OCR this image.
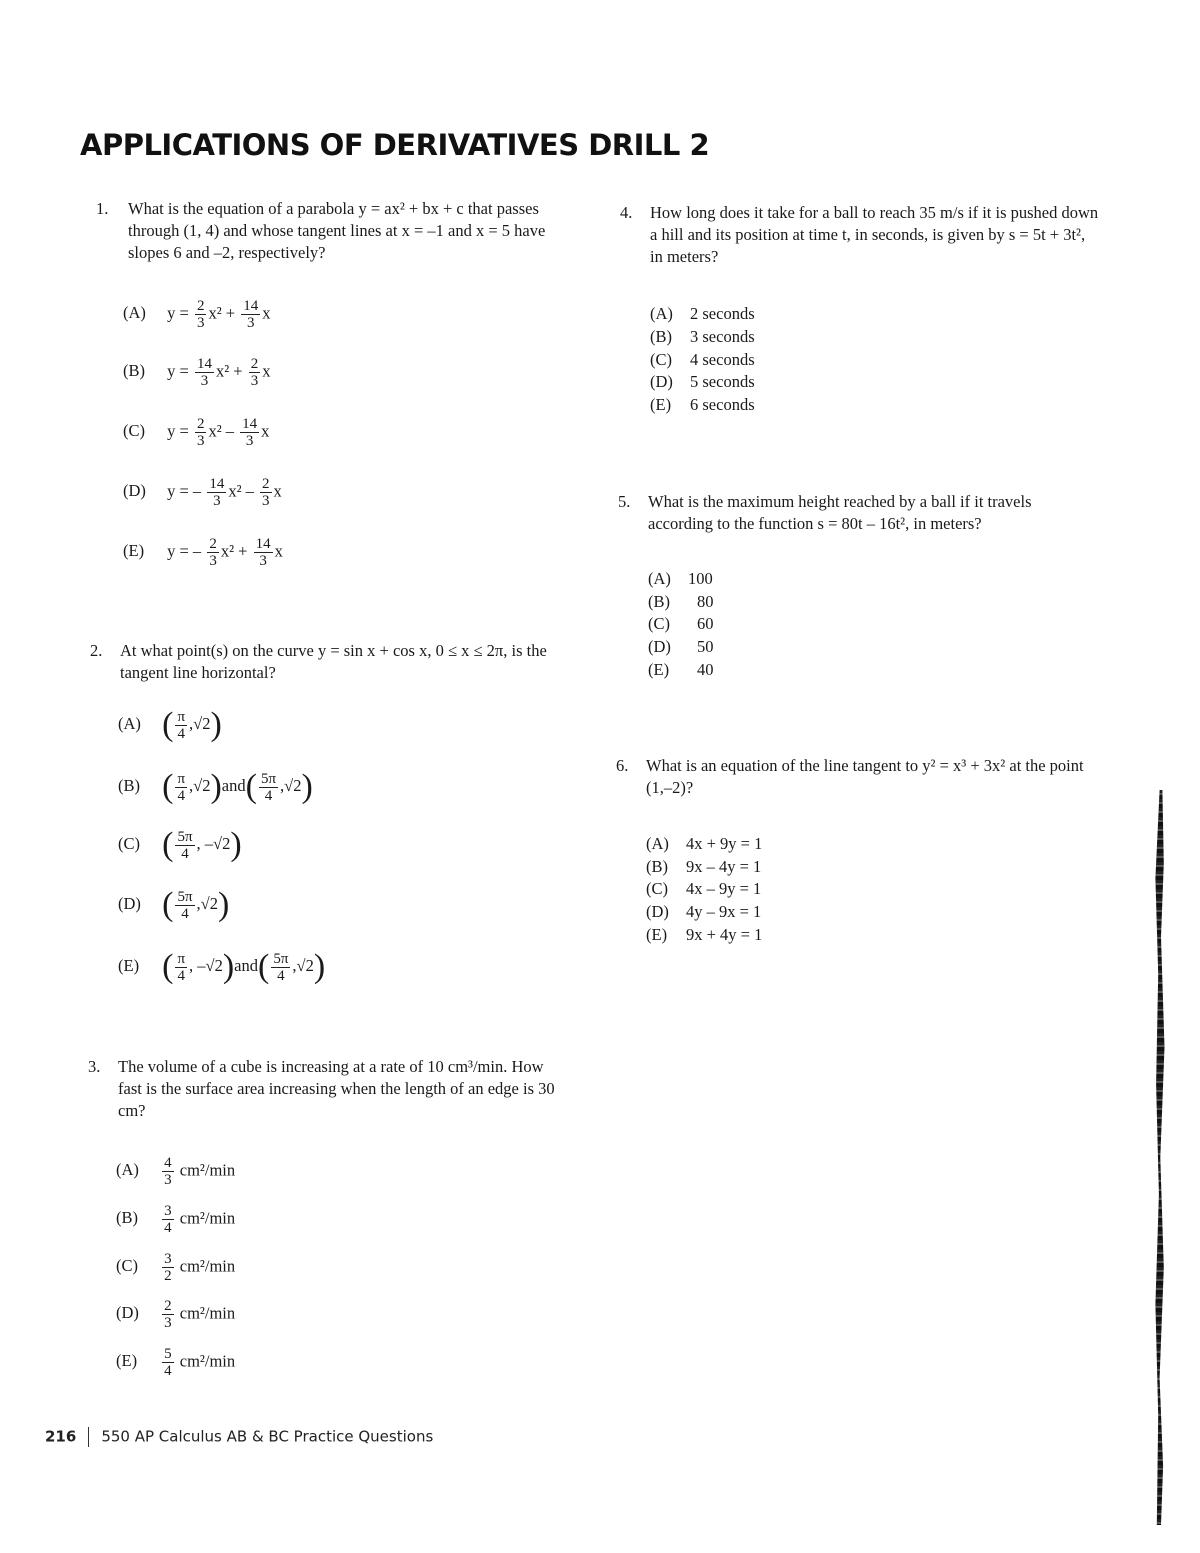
APPLICATIONS OF DERIVATIVES DRILL 2
1. What is the equation of a parabola y = ax² + bx + c that passes through (1, 4) and whose tangent lines at x = –1 and x = 5 have slopes 6 and –2, respectively?
(A) $y = \frac{2}{3} x^2 + \frac{14}{3}$ x
(B) $y = \frac{14}{3} x^2 + \frac{2}{3}$ x
(C) $y = \frac{2}{3} x^2 - \frac{14}{3}$ x
(D) y = – $\frac{14}{3} x^2 - \frac{2}{3}$ x
(E) y = – $\frac{2}{3} x^2 + \frac{14}{3}$ x
2. At what point(s) on the curve y = sin x + cos x, 0 ≤ x ≤ 2π, is the tangent line horizontal?
(A) ( $\frac{\pi}{4} ,√2$)
(B) ( $\frac{\pi}{4} ,√2)and( \frac{5\pi}{4} ,√2)$
(C) ( $\frac{5\pi}{4}$ , –√2)
(D) ( $\frac{5\pi}{4} ,√2$)
(E) ( $\frac{\pi}{4}$ , $-√2)and( \frac{5\pi}{4} ,√2)$
3. The volume of a cube is increasing at a rate of 10 cm³/min. How fast is the surface area increasing when the length of an edge is 30 cm?
$(A) \frac{4}{3} cm^2/\min$
$(B) \frac{3}{4} cm^2/\min$
$(C) \frac{3}{2} cm^2/\min$
$(D) \frac{2}{3} cm^2/\min$
$(E) \frac{5}{4} cm^2/\min$
4. How long does it take for a ball to reach 35 m/s if it is pushed down a hill and its position at time t, in seconds, is given by s = 5t + 3t², in meters?
(A) 2 seconds
(B) 3 seconds
(C) 4 seconds
(D) 5 seconds
(E) 6 seconds
5. What is the maximum height reached by a ball if it travels according to the function s = 80t – 16t², in meters?
(A) 100
(B) 80
(C) 60
(D) 50
(E) 40
6. What is an equation of the line tangent to y² = x³ + 3x² at the point (1,–2)?
(A) 4x + 9y = 1
(B) 9x – 4y = 1
(C) 4x – 9y = 1
(D) 4y – 9x = 1
(E) 9x + 4y = 1
216 550 AP Calculus AB & BC Practice Questions
